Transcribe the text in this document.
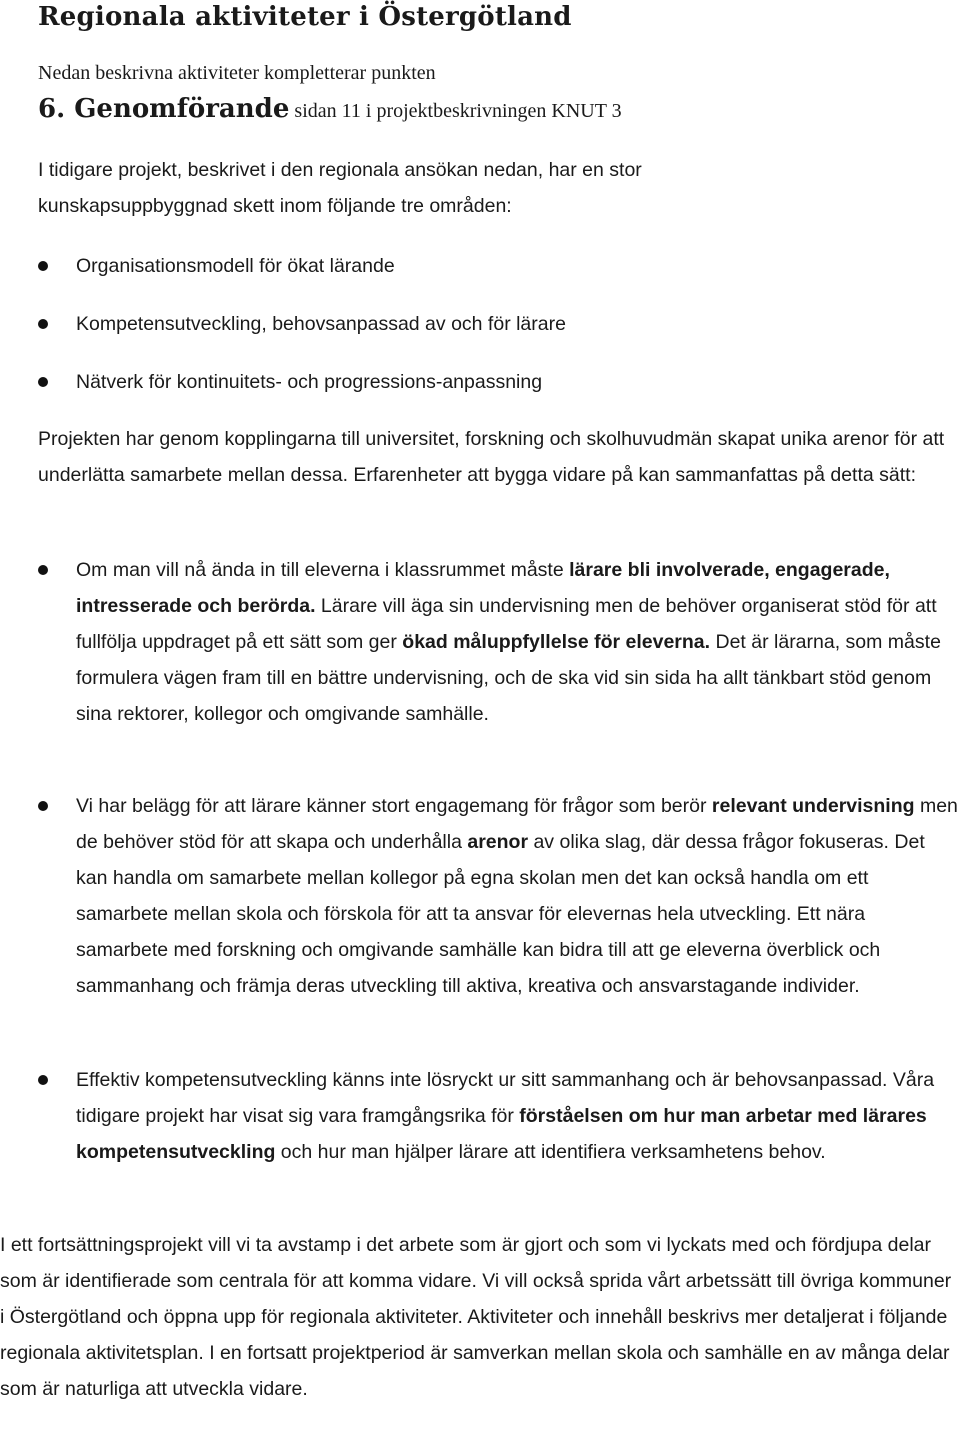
Regionala aktiviteter i Östergötland
Nedan beskrivna aktiviteter kompletterar punkten
6. Genomförande sidan 11 i projektbeskrivningen KNUT 3

I tidigare projekt, beskrivet i den regionala ansökan nedan, har en stor kunskapsuppbyggnad skett inom följande tre områden:

Organisationsmodell för ökat lärande

Kompetensutveckling, behovsanpassad av och för lärare

Nätverk för kontinuitets- och progressions-anpassning

Projekten har genom kopplingarna till universitet, forskning och skolhuvudmän skapat unika arenor för att underlätta samarbete mellan dessa. Erfarenheter att bygga vidare på kan sammanfattas på detta sätt:

Om man vill nå ända in till eleverna i klassrummet måste lärare bli involverade, engagerade, intresserade och berörda. Lärare vill äga sin undervisning men de behöver organiserat stöd för att fullfölja uppdraget på ett sätt som ger ökad måluppfyllelse för eleverna. Det är lärarna, som måste formulera vägen fram till en bättre undervisning, och de ska vid sin sida ha allt tänkbart stöd genom sina rektorer, kollegor och omgivande samhälle.

Vi har belägg för att lärare känner stort engagemang för frågor som berör relevant undervisning men de behöver stöd för att skapa och underhålla arenor av olika slag, där dessa frågor fokuseras. Det kan handla om samarbete mellan kollegor på egna skolan men det kan också handla om ett samarbete mellan skola och förskola för att ta ansvar för elevernas hela utveckling. Ett nära samarbete med forskning och omgivande samhälle kan bidra till att ge eleverna överblick och sammanhang och främja deras utveckling till aktiva, kreativa och ansvarstagande individer.

Effektiv kompetensutveckling känns inte lösryckt ur sitt sammanhang och är behovsanpassad. Våra tidigare projekt har visat sig vara framgångsrika för förståelsen om hur man arbetar med lärares kompetensutveckling och hur man hjälper lärare att identifiera verksamhetens behov.

I ett fortsättningsprojekt vill vi ta avstamp i det arbete som är gjort och som vi lyckats med och fördjupa delar som är identifierade som centrala för att komma vidare. Vi vill också sprida vårt arbetssätt till övriga kommuner i Östergötland och öppna upp för regionala aktiviteter. Aktiviteter och innehåll beskrivs mer detaljerat i följande regionala aktivitetsplan. I en fortsatt projektperiod är samverkan mellan skola och samhälle en av många delar som är naturliga att utveckla vidare.
